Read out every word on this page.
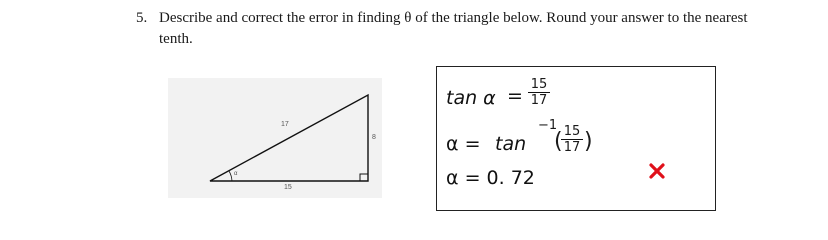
5. Describe and correct the error in finding θ of the triangle below. Round your answer to the nearest tenth.
17
8
15
α
tan α =
15
17
α = tan
−1
( 15
17 )
α = 0. 72
